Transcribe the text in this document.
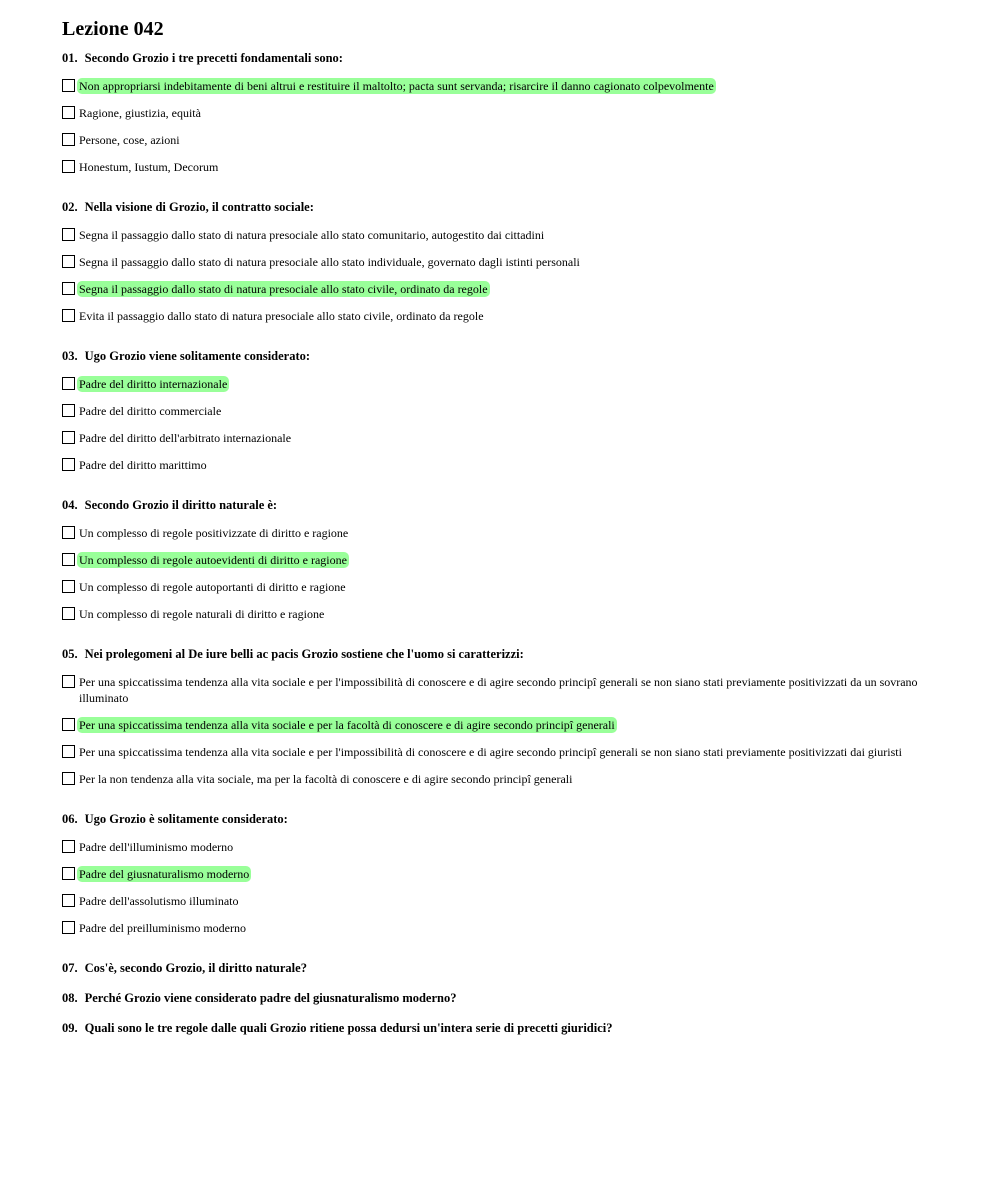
Lezione 042
01. Secondo Grozio i tre precetti fondamentali sono:
Non appropriarsi indebitamente di beni altrui e restituire il maltolto; pacta sunt servanda; risarcire il danno cagionato colpevolmente
Ragione, giustizia, equità
Persone, cose, azioni
Honestum, Iustum, Decorum
02. Nella visione di Grozio, il contratto sociale:
Segna il passaggio dallo stato di natura presociale allo stato comunitario, autogestito dai cittadini
Segna il passaggio dallo stato di natura presociale allo stato individuale, governato dagli istinti personali
Segna il passaggio dallo stato di natura presociale allo stato civile, ordinato da regole
Evita il passaggio dallo stato di natura presociale allo stato civile, ordinato da regole
03. Ugo Grozio viene solitamente considerato:
Padre del diritto internazionale
Padre del diritto commerciale
Padre del diritto dell'arbitrato internazionale
Padre del diritto marittimo
04. Secondo Grozio il diritto naturale è:
Un complesso di regole positivizzate di diritto e ragione
Un complesso di regole autoevidenti di diritto e ragione
Un complesso di regole autoportanti di diritto e ragione
Un complesso di regole naturali di diritto e ragione
05. Nei prolegomeni al De iure belli ac pacis Grozio sostiene che l'uomo si caratterizzi:
Per una spiccatissima tendenza alla vita sociale e per l'impossibilità di conoscere e di agire secondo principî generali se non siano stati previamente positivizzati da un sovrano illuminato
Per una spiccatissima tendenza alla vita sociale e per la facoltà di conoscere e di agire secondo principî generali
Per una spiccatissima tendenza alla vita sociale e per l'impossibilità di conoscere e di agire secondo principî generali se non siano stati previamente positivizzati dai giuristi
Per la non tendenza alla vita sociale, ma per la facoltà di conoscere e di agire secondo principî generali
06. Ugo Grozio è solitamente considerato:
Padre dell'illuminismo moderno
Padre del giusnaturalismo moderno
Padre dell'assolutismo illuminato
Padre del preilluminismo moderno
07. Cos'è, secondo Grozio, il diritto naturale?
08. Perché Grozio viene considerato padre del giusnaturalismo moderno?
09. Quali sono le tre regole dalle quali Grozio ritiene possa dedursi un'intera serie di precetti giuridici?
